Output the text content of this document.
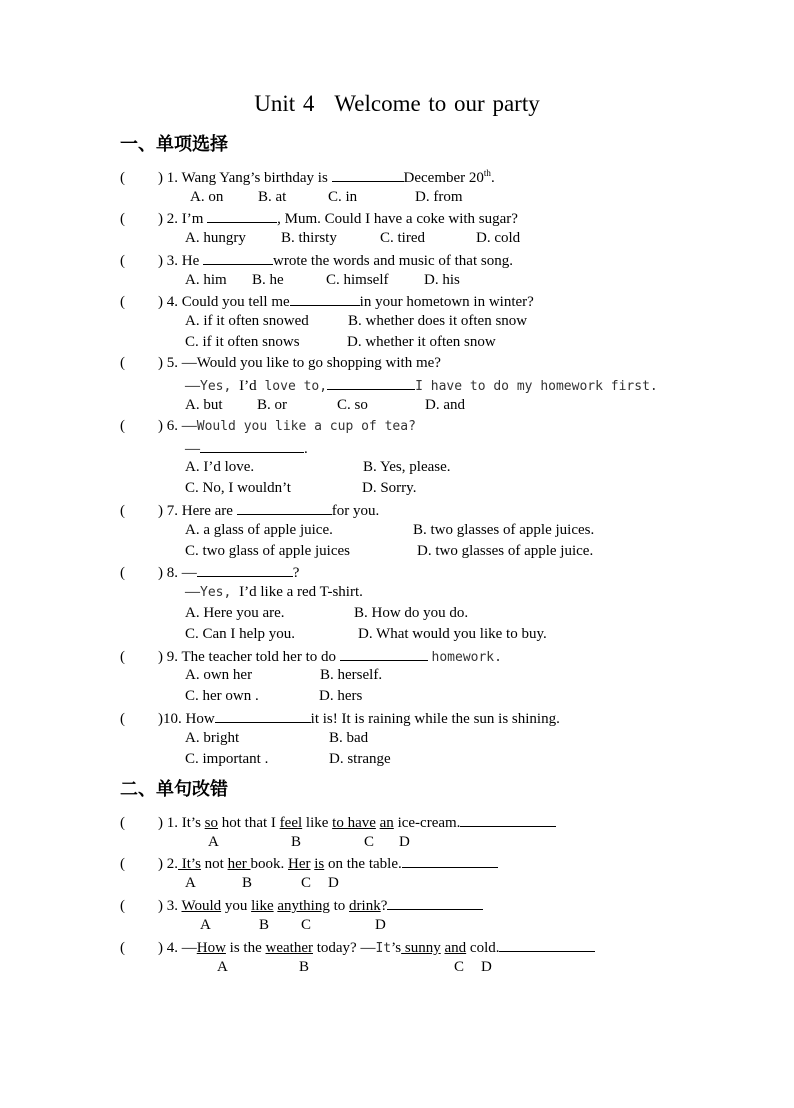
Unit 4 Welcome to our party
一、单项选择
( ) 1. Wang Yang’s birthday is	December 20th.
A. on B. at	C. in	D. from
( ) 2. I’m	, Mum. Could I have a coke with sugar?
A. hungry B. thirsty	C. tired	D. cold
( ) 3. He	wrote the words and music of that song.
A. him B. he	C. himself D. his
( ) 4. Could you tell me	in your hometown in winter?
A. if it often snowed	B. whether does it often snow
C. if it often snows	D. whether it often snow
( ) 5. —Would you like to go shopping with me?
—Yes, I’d love to,	I have to do my homework first.
A. but B. or	C. so	D. and
( ) 6. —Would you like a cup of tea?
—	.
A. I’d love.	B. Yes, please.
C. No, I wouldn’t	D. Sorry.
( ) 7. Here are	for you.
A. a glass of apple juice.	B. two glasses of apple juices.
C. two glass of apple juices	D. two glasses of apple juice.
( ) 8. —	?
—Yes, I’d like a red T-shirt.
A. Here you are.	B. How do you do.
C. Can I help you.	D. What would you like to buy.
( ) 9. The teacher told her to do	homework.
A. own her	B. herself.
C. her own .	D. hers
( )10. How	it is! It is raining while the sun is shining.
A. bright	B. bad
C. important .	D. strange
二、单句改错
( ) 1. It’s so hot that I feel like to have an ice-cream.
A	B	C D
( ) 2. It’s not her book. Her is on the table.
A	B	C D
( ) 3. Would you like anything to drink?
A	B C	D
( ) 4. —How is the weather today? —It’s sunny and cold.
A	B	C D
